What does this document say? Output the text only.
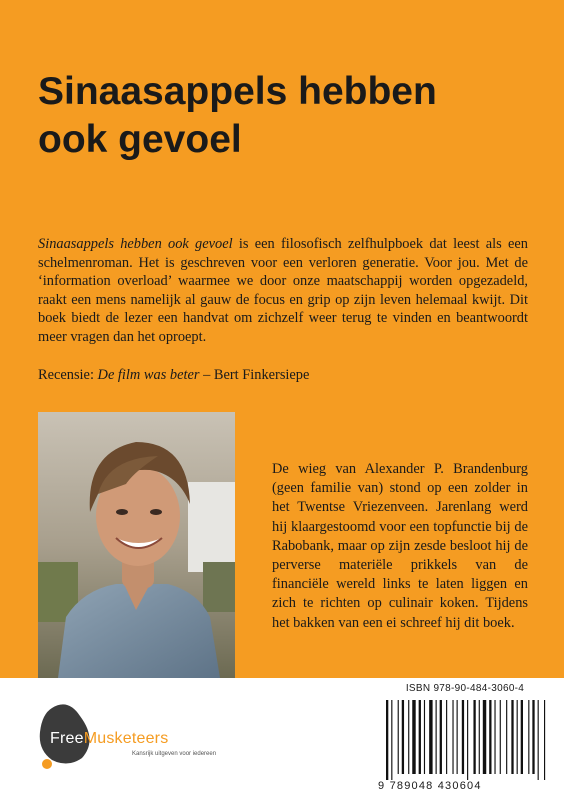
Sinaasappels hebben
ook gevoel

Sinaasappels hebben ook gevoel is een filosofisch zelfhulpboek dat leest als een schelmenroman. Het is geschreven voor een verloren generatie. Voor jou. Met de ‘information overload’ waarmee we door onze maatschappij worden opgezadeld, raakt een mens namelijk al gauw de focus en grip op zijn leven helemaal kwijt. Dit boek biedt de lezer een handvat om zichzelf weer terug te vinden en beantwoordt meer vragen dan het oproept.

Recensie: De film was beter – Bert Finkersiepe

De wieg van Alexander P. Brandenburg (geen familie van) stond op een zolder in het Twentse Vriezenveen. Jarenlang werd hij klaargestoomd voor een topfunctie bij de Rabobank, maar op zijn zesde besloot hij de perverse materiële prikkels van de financiële wereld links te laten liggen en zich te richten op culinair koken. Tijdens het bakken van een ei schreef hij dit boek.

FreeMusketeers
Kansrijk uitgeven voor iedereen
ISBN 978-90-484-3060-4
9 789048 430604
